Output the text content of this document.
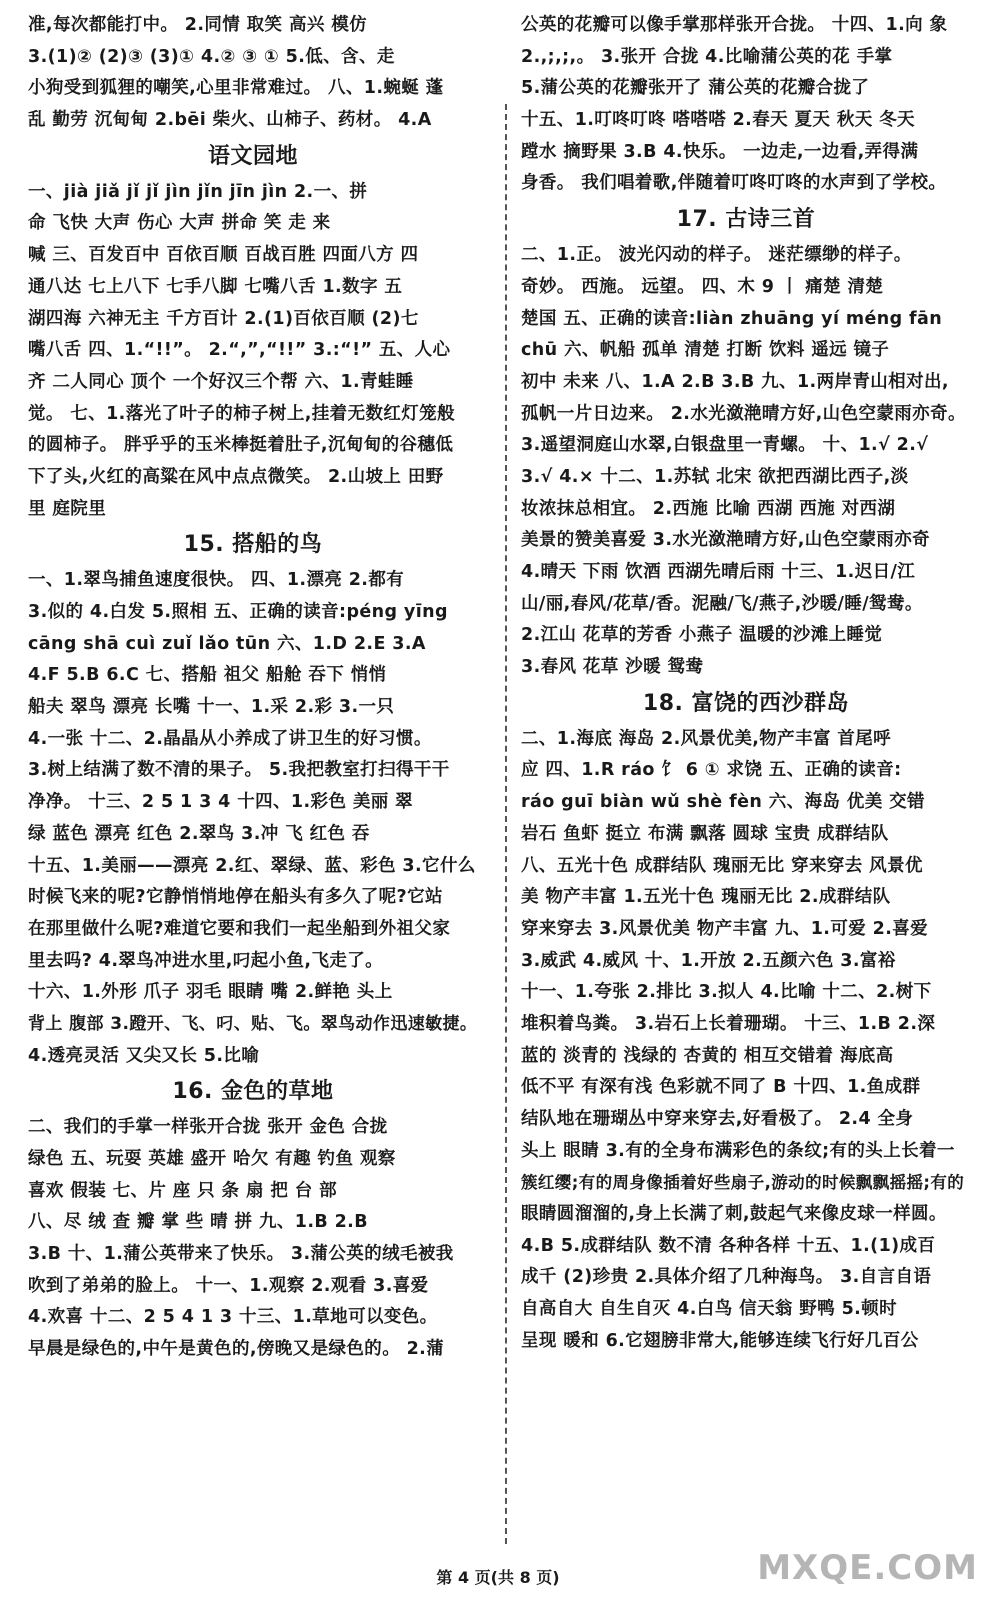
准,每次都能打中。 2.同情 取笑 高兴 模仿
3.(1)② (2)③ (3)① 4.② ③ ① 5.低、含、走
小狗受到狐狸的嘲笑,心里非常难过。 八、1.蜿蜒 蓬
乱 勤劳 沉甸甸 2.bēi 柴火、山柿子、药材。 4.A
语文园地
一、jià jiǎ jǐ jǐ jìn jǐn jīn jìn 2.一、拼
命 飞快 大声 伤心 大声 拼命 笑 走 来
喊 三、百发百中 百依百顺 百战百胜 四面八方 四
通八达 七上八下 七手八脚 七嘴八舌 1.数字 五
湖四海 六神无主 千方百计 2.(1)百依百顺 (2)七
嘴八舌 四、1.“!!”。 2.“,”,“!!” 3.:“!” 五、人心
齐 二人同心 顶个 一个好汉三个帮 六、1.青蛙睡
觉。 七、1.落光了叶子的柿子树上,挂着无数红灯笼般
的圆柿子。 胖乎乎的玉米棒挺着肚子,沉甸甸的谷穗低
下了头,火红的高粱在风中点点微笑。 2.山坡上 田野
里 庭院里
15. 搭船的鸟
一、1.翠鸟捕鱼速度很快。 四、1.漂亮 2.都有
3.似的 4.白发 5.照相 五、正确的读音:péng yīng
cāng shā cuì zuǐ lǎo tūn 六、1.D 2.E 3.A
4.F 5.B 6.C 七、搭船 祖父 船舱 吞下 悄悄
船夫 翠鸟 漂亮 长嘴 十一、1.采 2.彩 3.一只
4.一张 十二、2.晶晶从小养成了讲卫生的好习惯。
3.树上结满了数不清的果子。 5.我把教室打扫得干干
净净。 十三、2 5 1 3 4 十四、1.彩色 美丽 翠
绿 蓝色 漂亮 红色 2.翠鸟 3.冲 飞 红色 吞
十五、1.美丽——漂亮 2.红、翠绿、蓝、彩色 3.它什么
时候飞来的呢?它静悄悄地停在船头有多久了呢?它站
在那里做什么呢?难道它要和我们一起坐船到外祖父家
里去吗? 4.翠鸟冲进水里,叼起小鱼,飞走了。
十六、1.外形 爪子 羽毛 眼睛 嘴 2.鲜艳 头上
背上 腹部 3.蹬开、飞、叼、贴、飞。翠鸟动作迅速敏捷。
4.透亮灵活 又尖又长 5.比喻
16. 金色的草地
二、我们的手掌一样张开合拢 张开 金色 合拢
绿色 五、玩耍 英雄 盛开 哈欠 有趣 钓鱼 观察
喜欢 假装 七、片 座 只 条 扇 把 台 部
八、尽 绒 查 瓣 掌 些 晴 拼 九、1.B 2.B
3.B 十、1.蒲公英带来了快乐。 3.蒲公英的绒毛被我
吹到了弟弟的脸上。 十一、1.观察 2.观看 3.喜爱
4.欢喜 十二、2 5 4 1 3 十三、1.草地可以变色。
早晨是绿色的,中午是黄色的,傍晚又是绿色的。 2.蒲
公英的花瓣可以像手掌那样张开合拢。 十四、1.向 象
2.,;,;,。 3.张开 合拢 4.比喻蒲公英的花 手掌
5.蒲公英的花瓣张开了 蒲公英的花瓣合拢了
十五、1.叮咚叮咚 嗒嗒嗒 2.春天 夏天 秋天 冬天
蹚水 摘野果 3.B 4.快乐。 一边走,一边看,弄得满
身香。 我们唱着歌,伴随着叮咚叮咚的水声到了学校。
17. 古诗三首
二、1.正。 波光闪动的样子。 迷茫缥缈的样子。
奇妙。 西施。 远望。 四、木 9 丨 痛楚 清楚
楚国 五、正确的读音:liàn zhuāng yí méng fān
chū 六、帆船 孤单 清楚 打断 饮料 遥远 镜子
初中 未来 八、1.A 2.B 3.B 九、1.两岸青山相对出,
孤帆一片日边来。 2.水光潋滟晴方好,山色空蒙雨亦奇。
3.遥望洞庭山水翠,白银盘里一青螺。 十、1.√ 2.√
3.√ 4.× 十二、1.苏轼 北宋 欲把西湖比西子,淡
妆浓抹总相宜。 2.西施 比喻 西湖 西施 对西湖
美景的赞美喜爱 3.水光潋滟晴方好,山色空蒙雨亦奇
4.晴天 下雨 饮酒 西湖先晴后雨 十三、1.迟日/江
山/丽,春风/花草/香。泥融/飞/燕子,沙暖/睡/鸳鸯。
2.江山 花草的芳香 小燕子 温暖的沙滩上睡觉
3.春风 花草 沙暖 鸳鸯
18. 富饶的西沙群岛
二、1.海底 海岛 2.风景优美,物产丰富 首尾呼
应 四、1.R ráo 饣 6 ① 求饶 五、正确的读音:
ráo guī biàn wǔ shè fèn 六、海岛 优美 交错
岩石 鱼虾 挺立 布满 飘落 圆球 宝贵 成群结队
八、五光十色 成群结队 瑰丽无比 穿来穿去 风景优
美 物产丰富 1.五光十色 瑰丽无比 2.成群结队
穿来穿去 3.风景优美 物产丰富 九、1.可爱 2.喜爱
3.威武 4.威风 十、1.开放 2.五颜六色 3.富裕
十一、1.夸张 2.排比 3.拟人 4.比喻 十二、2.树下
堆积着鸟粪。 3.岩石上长着珊瑚。 十三、1.B 2.深
蓝的 淡青的 浅绿的 杏黄的 相互交错着 海底高
低不平 有深有浅 色彩就不同了 B 十四、1.鱼成群
结队地在珊瑚丛中穿来穿去,好看极了。 2.4 全身
头上 眼睛 3.有的全身布满彩色的条纹;有的头上长着一
簇红缨;有的周身像插着好些扇子,游动的时候飘飘摇摇;有的
眼睛圆溜溜的,身上长满了刺,鼓起气来像皮球一样圆。
4.B 5.成群结队 数不清 各种各样 十五、1.(1)成百
成千 (2)珍贵 2.具体介绍了几种海鸟。 3.自言自语
自高自大 自生自灭 4.白鸟 信天翁 野鸭 5.顿时
呈现 暖和 6.它翅膀非常大,能够连续飞行好几百公
第 4 页(共 8 页)	MXQE.COM
